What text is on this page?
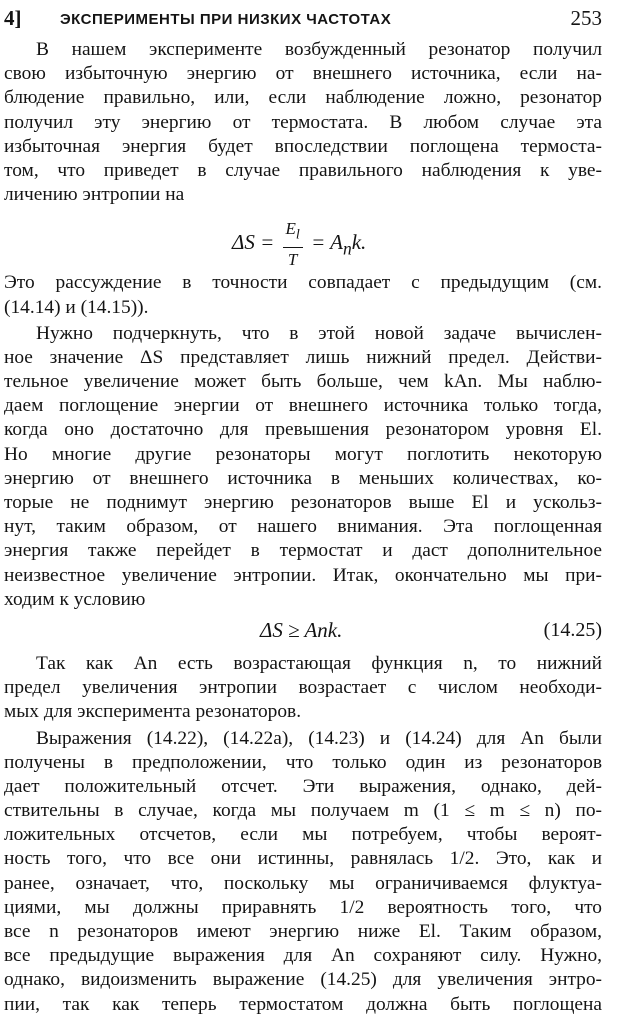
4]	ЭКСПЕРИМЕНТЫ ПРИ НИЗКИХ ЧАСТОТАХ	253
В нашем эксперименте возбужденный резонатор получил
свою избыточную энергию от внешнего источника, если на-
блюдение правильно, или, если наблюдение ложно, резонатор
получил эту энергию от термостата. В любом случае эта
избыточная энергия будет впоследствии поглощена термоста-
том, что приведет в случае правильного наблюдения к уве-
личению энтропии на
$\Delta S = \frac{E_l}{T} = A_nk$.
Это рассуждение в точности совпадает с предыдущим (см.
(14.14) и (14.15)).
Нужно подчеркнуть, что в этой новой задаче вычислен-
ное значение ΔS представляет лишь нижний предел. Действи-
тельное увеличение может быть больше, чем kAn. Мы наблю-
даем поглощение энергии от внешнего источника только тогда,
когда оно достаточно для превышения резонатором уровня El.
Но многие другие резонаторы могут поглотить некоторую
энергию от внешнего источника в меньших количествах, ко-
торые не поднимут энергию резонаторов выше El и ускольз-
нут, таким образом, от нашего внимания. Эта поглощенная
энергия также перейдет в термостат и даст дополнительное
неизвестное увеличение энтропии. Итак, окончательно мы при-
ходим к условию
ΔS ≥ Ank.	(14.25)
Так как An есть возрастающая функция n, то нижний
предел увеличения энтропии возрастает с числом необходи-
мых для эксперимента резонаторов.
Выражения (14.22), (14.22а), (14.23) и (14.24) для An были
получены в предположении, что только один из резонаторов
дает положительный отсчет. Эти выражения, однако, дей-
ствительны в случае, когда мы получаем m (1 ≤ m ≤ n) по-
ложительных отсчетов, если мы потребуем, чтобы вероят-
ность того, что все они истинны, равнялась 1/2. Это, как и
ранее, означает, что, поскольку мы ограничиваемся флуктуа-
циями, мы должны приравнять 1/2 вероятность того, что
все n резонаторов имеют энергию ниже El. Таким образом,
все предыдущие выражения для An сохраняют силу. Нужно,
однако, видоизменить выражение (14.25) для увеличения энтро-
пии, так как теперь термостатом должна быть поглощена
